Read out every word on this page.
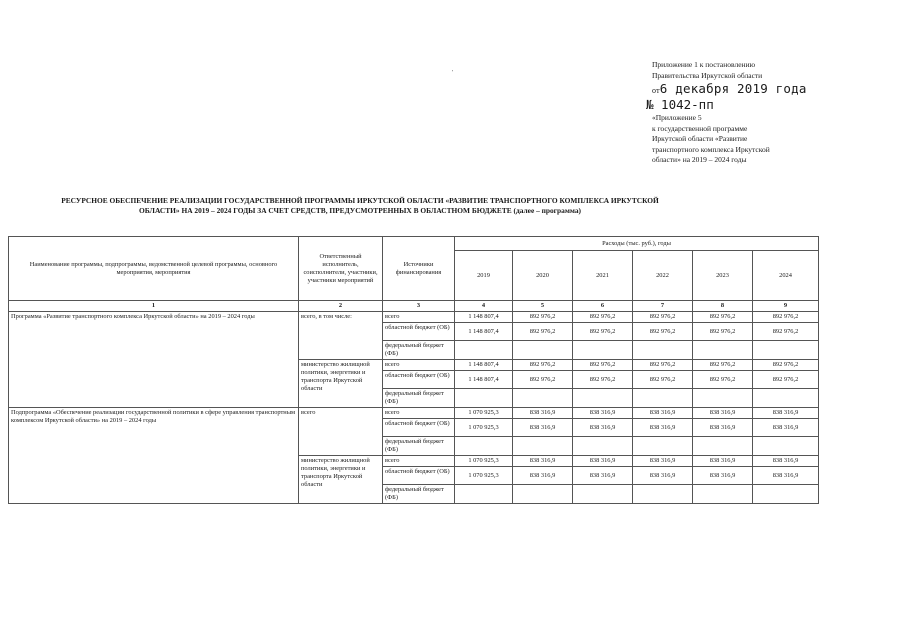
'
Приложение 1 к постановлению
Правительства Иркутской области
от6 декабря 2019 года
№ 1042-пп
«Приложение 5
к государственной программе
Иркутской области «Развитие
транспортного комплекса Иркутской
области» на 2019 – 2024 годы
РЕСУРСНОЕ ОБЕСПЕЧЕНИЕ РЕАЛИЗАЦИИ ГОСУДАРСТВЕННОЙ ПРОГРАММЫ ИРКУТСКОЙ ОБЛАСТИ «РАЗВИТИЕ ТРАНСПОРТНОГО КОМПЛЕКСА ИРКУТСКОЙ
ОБЛАСТИ» НА 2019 – 2024 ГОДЫ ЗА СЧЕТ СРЕДСТВ, ПРЕДУСМОТРЕННЫХ В ОБЛАСТНОМ БЮДЖЕТЕ (далее – программа)
Наименование программы, подпрограммы, ведомственной целевой программы, основного мероприятия, мероприятия	Ответственный исполнитель, соисполнители, участники, участники мероприятий	Источники финансирования	Расходы (тыс. руб.), годы					
			2019	2020	2021	2022	2023	2024
1	2	3	4	5	6	7	8	9
Программа «Развитие транспортного комплекса Иркутской области» на 2019 – 2024 годы	всего, в том числе:	всего	1 148 807,4	892 976,2	892 976,2	892 976,2	892 976,2	892 976,2
		областной бюджет (ОБ)	1 148 807,4	892 976,2	892 976,2	892 976,2	892 976,2	892 976,2
		федеральный бюджет (ФБ)						
	министерство жилищной политики, энергетики и транспорта Иркутской области	всего	1 148 807,4	892 976,2	892 976,2	892 976,2	892 976,2	892 976,2
		областной бюджет (ОБ)	1 148 807,4	892 976,2	892 976,2	892 976,2	892 976,2	892 976,2
		федеральный бюджет (ФБ)						
Подпрограмма «Обеспечение реализации государственной политики в сфере управления транспортным комплексом Иркутской области» на 2019 – 2024 годы	всего	всего	1 070 925,3	838 316,9	838 316,9	838 316,9	838 316,9	838 316,9
		областной бюджет (ОБ)	1 070 925,3	838 316,9	838 316,9	838 316,9	838 316,9	838 316,9
		федеральный бюджет (ФБ)						
	министерство жилищной политики, энергетики и транспорта Иркутской области	всего	1 070 925,3	838 316,9	838 316,9	838 316,9	838 316,9	838 316,9
		областной бюджет (ОБ)	1 070 925,3	838 316,9	838 316,9	838 316,9	838 316,9	838 316,9
		федеральный бюджет (ФБ)						
